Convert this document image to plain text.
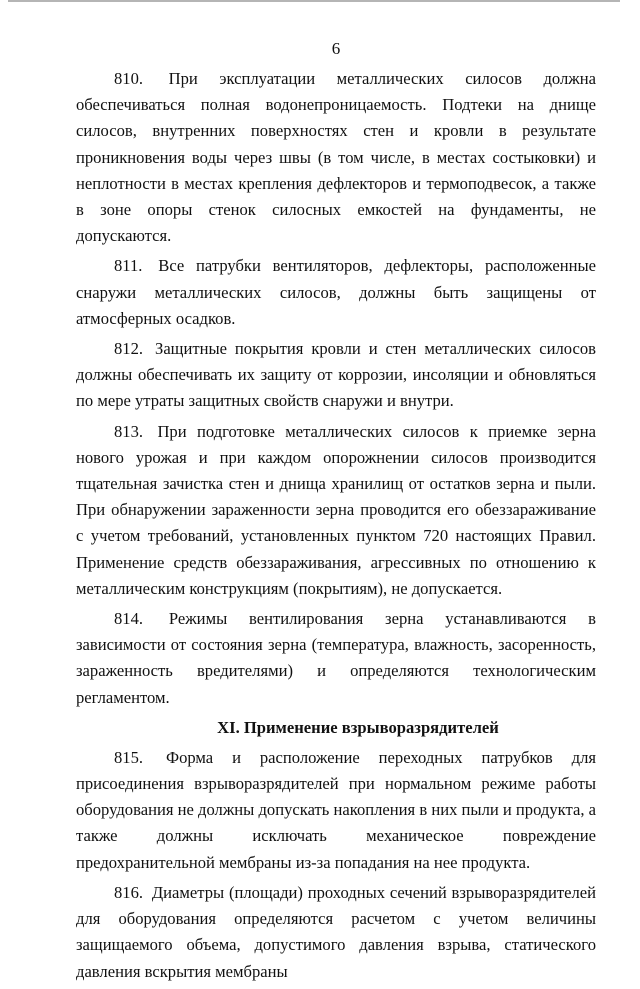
6

810. При эксплуатации металлических силосов должна обеспечиваться полная водонепроницаемость. Подтеки на днище силосов, внутренних поверхностях стен и кровли в результате проникновения воды через швы (в том числе, в местах состыковки) и неплотности в местах крепления дефлекторов и термоподвесок, а также в зоне опоры стенок силосных емкостей на фундаменты, не допускаются.

811. Все патрубки вентиляторов, дефлекторы, расположенные снаружи металлических силосов, должны быть защищены от атмосферных осадков.

812. Защитные покрытия кровли и стен металлических силосов должны обеспечивать их защиту от коррозии, инсоляции и обновляться по мере утраты защитных свойств снаружи и внутри.

813. При подготовке металлических силосов к приемке зерна нового урожая и при каждом опорожнении силосов производится тщательная зачистка стен и днища хранилищ от остатков зерна и пыли. При обнаружении зараженности зерна проводится его обеззараживание с учетом требований, установленных пунктом 720 настоящих Правил. Применение средств обеззараживания, агрессивных по отношению к металлическим конструкциям (покрытиям), не допускается.

814. Режимы вентилирования зерна устанавливаются в зависимости от состояния зерна (температура, влажность, засоренность, зараженность вредителями) и определяются технологическим регламентом.

XI. Применение взрыворазрядителей

815. Форма и расположение переходных патрубков для присоединения взрыворазрядителей при нормальном режиме работы оборудования не должны допускать накопления в них пыли и продукта, а также должны исключать механическое повреждение предохранительной мембраны из-за попадания на нее продукта.

816. Диаметры (площади) проходных сечений взрыворазрядителей для оборудования определяются расчетом с учетом величины защищаемого объема, допустимого давления взрыва, статического давления вскрытия мембраны
